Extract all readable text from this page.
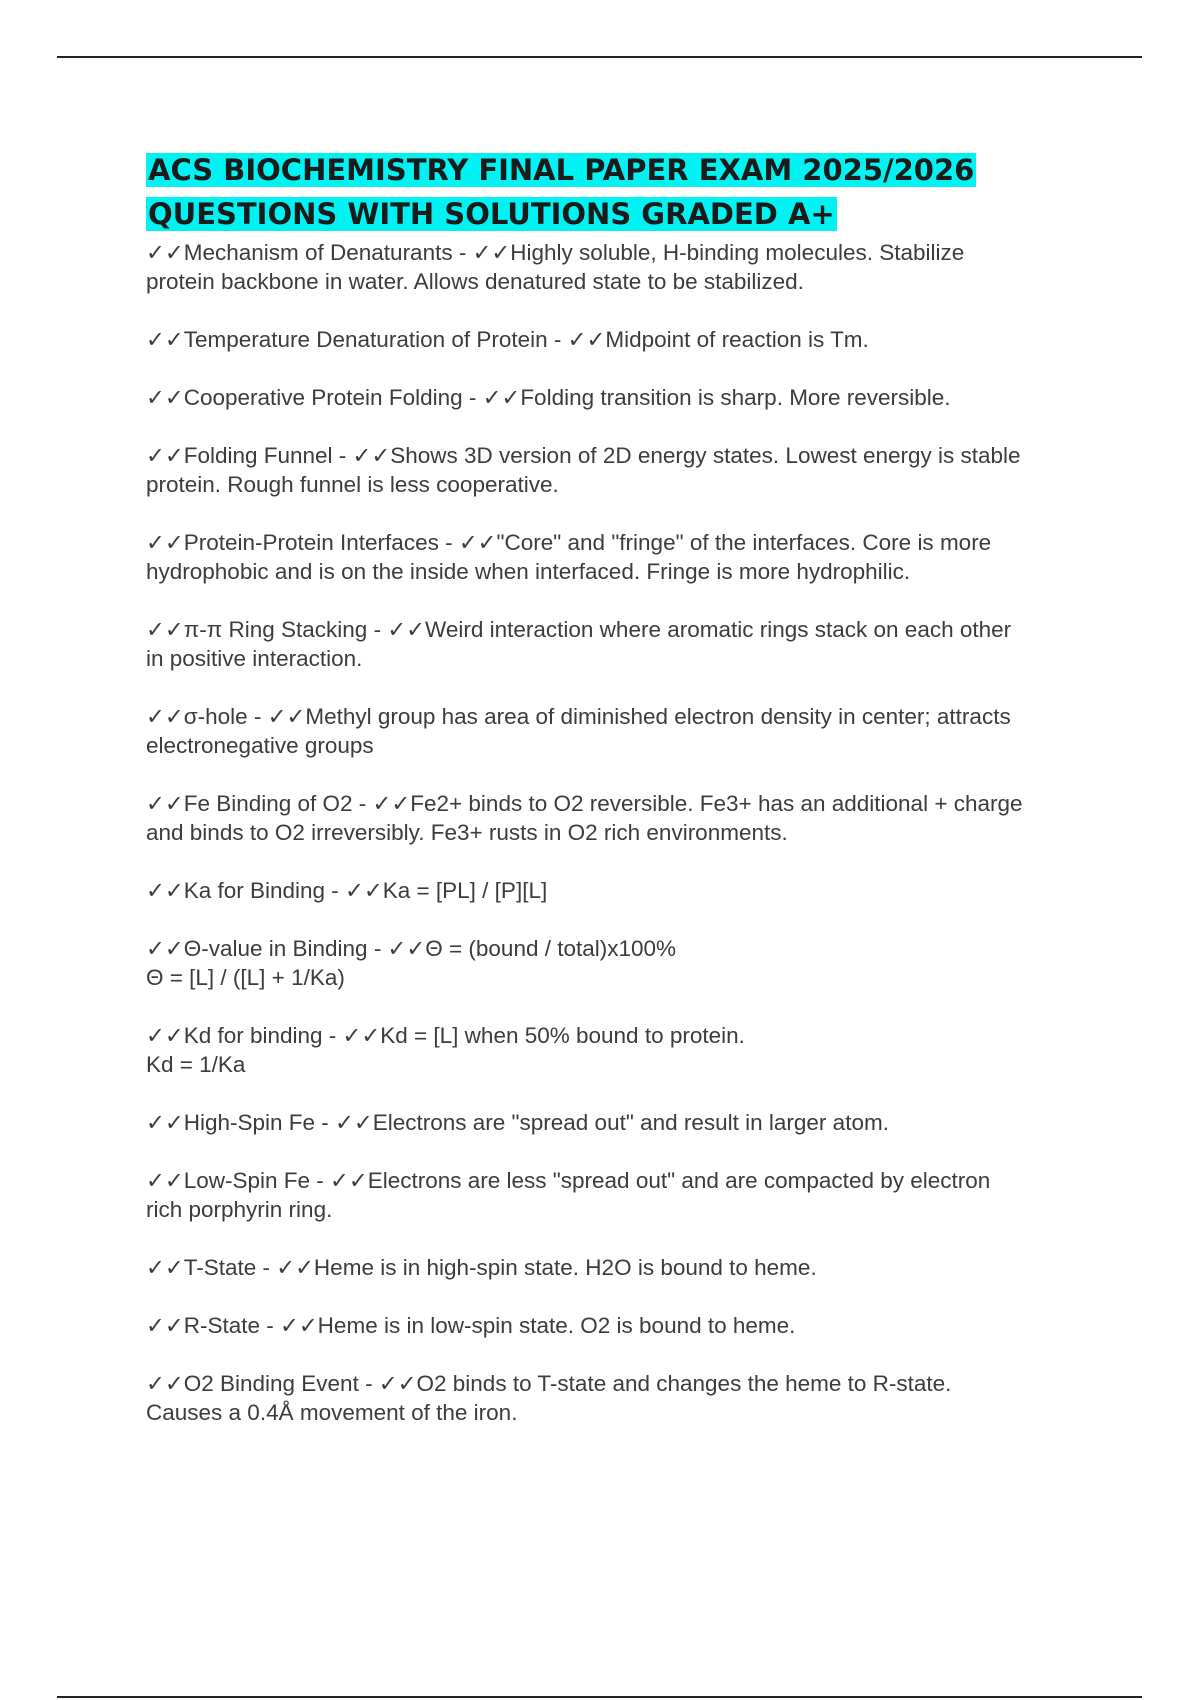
ACS BIOCHEMISTRY FINAL PAPER EXAM 2025/2026
QUESTIONS WITH SOLUTIONS GRADED A+
✓✓Mechanism of Denaturants - ✓✓Highly soluble, H-binding molecules. Stabilize
protein backbone in water. Allows denatured state to be stabilized.
✓✓Temperature Denaturation of Protein - ✓✓Midpoint of reaction is Tm.
✓✓Cooperative Protein Folding - ✓✓Folding transition is sharp. More reversible.
✓✓Folding Funnel - ✓✓Shows 3D version of 2D energy states. Lowest energy is stable
protein. Rough funnel is less cooperative.
✓✓Protein-Protein Interfaces - ✓✓"Core" and "fringe" of the interfaces. Core is more
hydrophobic and is on the inside when interfaced. Fringe is more hydrophilic.
✓✓π-π Ring Stacking - ✓✓Weird interaction where aromatic rings stack on each other
in positive interaction.
✓✓σ-hole - ✓✓Methyl group has area of diminished electron density in center; attracts
electronegative groups
✓✓Fe Binding of O2 - ✓✓Fe2+ binds to O2 reversible. Fe3+ has an additional + charge
and binds to O2 irreversibly. Fe3+ rusts in O2 rich environments.
✓✓Ka for Binding - ✓✓Ka = [PL] / [P][L]
✓✓Θ-value in Binding - ✓✓Θ = (bound / total)x100%
Θ = [L] / ([L] + 1/Ka)
✓✓Kd for binding - ✓✓Kd = [L] when 50% bound to protein.
Kd = 1/Ka
✓✓High-Spin Fe - ✓✓Electrons are "spread out" and result in larger atom.
✓✓Low-Spin Fe - ✓✓Electrons are less "spread out" and are compacted by electron
rich porphyrin ring.
✓✓T-State - ✓✓Heme is in high-spin state. H2O is bound to heme.
✓✓R-State - ✓✓Heme is in low-spin state. O2 is bound to heme.
✓✓O2 Binding Event - ✓✓O2 binds to T-state and changes the heme to R-state.
Causes a 0.4Å movement of the iron.
